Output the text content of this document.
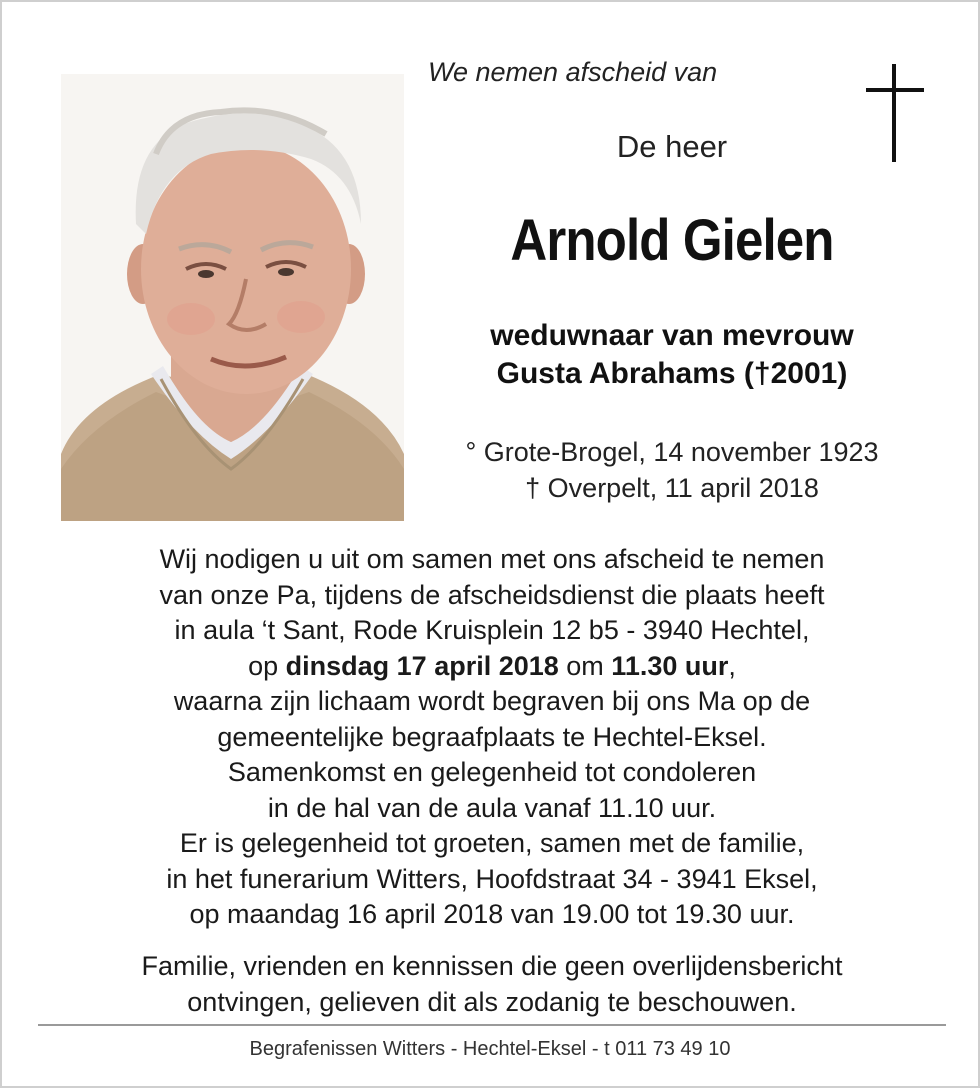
We nemen afscheid van
De heer
Arnold Gielen
weduwnaar van mevrouw
Gusta Abrahams (†2001)
° Grote-Brogel, 14 november 1923
† Overpelt, 11 april 2018
Wij nodigen u uit om samen met ons afscheid te nemen
van onze Pa, tijdens de afscheidsdienst die plaats heeft
in aula ‘t Sant, Rode Kruisplein 12 b5 - 3940 Hechtel,
op dinsdag 17 april 2018 om 11.30 uur,
waarna zijn lichaam wordt begraven bij ons Ma op de
gemeentelijke begraafplaats te Hechtel-Eksel.
Samenkomst en gelegenheid tot condoleren
in de hal van de aula vanaf 11.10 uur.
Er is gelegenheid tot groeten, samen met de familie,
in het funerarium Witters, Hoofdstraat 34 - 3941 Eksel,
op maandag 16 april 2018 van 19.00 tot 19.30 uur.
Familie, vrienden en kennissen die geen overlijdensbericht
ontvingen, gelieven dit als zodanig te beschouwen.
Begrafenissen Witters - Hechtel-Eksel - t 011 73 49 10
